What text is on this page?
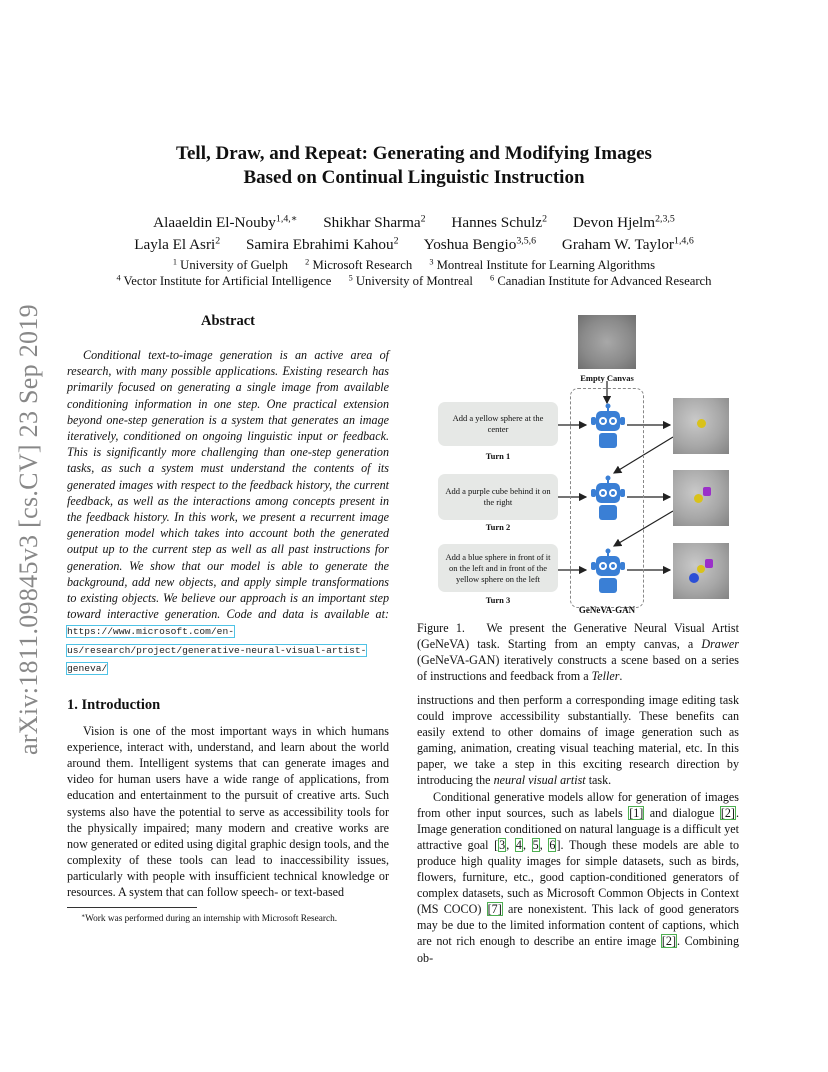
arXiv:1811.09845v3 [cs.CV] 23 Sep 2019
Tell, Draw, and Repeat: Generating and Modifying Images
Based on Continual Linguistic Instruction
Alaaeldin El-Nouby$^{1,4,∗}$ Shikhar Sharma$^2$ Hannes Schulz$^2$ Devon Hjelm$^{2,3,5}$
Layla El Asri$^2$ Samira Ebrahimi Kahou$^2$ Yoshua Bengio$^{3,5,6}$ Graham W. Taylor$^{1,4,6}$
$^1$ University of Guelph $^2$ Microsoft Research $^3$ Montreal Institute for Learning Algorithms
$^4$ Vector Institute for Artificial Intelligence $^5$ University of Montreal $^6$ Canadian Institute for Advanced Research
Abstract

Conditional text-to-image generation is an active area of research, with many possible applications. Existing research has primarily focused on generating a single image from available conditioning information in one step. One practical extension beyond one-step generation is a system that generates an image iteratively, conditioned on ongoing linguistic input or feedback. This is significantly more challenging than one-step generation tasks, as such a system must understand the contents of its generated images with respect to the feedback history, the current feedback, as well as the interactions among concepts present in the feedback history. In this work, we present a recurrent image generation model which takes into account both the generated output up to the current step as well as all past instructions for generation. We show that our model is able to generate the background, add new objects, and apply simple transformations to existing objects. We believe our approach is an important step toward interactive generation. Code and data is available at: https://www.microsoft.com/en-us/research/project/generative-neural-visual-artist-geneva/

1. Introduction

Vision is one of the most important ways in which humans experience, interact with, understand, and learn about the world around them. Intelligent systems that can generate images and video for human users have a wide range of applications, from education and entertainment to the pursuit of creative arts. Such systems also have the potential to serve as accessibility tools for the physically impaired; many modern and creative works are now generated or edited using digital graphic design tools, and the complexity of these tools can lead to inaccessibility issues, particularly with people with insufficient technical knowledge or resources. A system that can follow speech- or text-based

∗Work was performed during an internship with Microsoft Research.
Empty Canvas
Add a yellow sphere at the center
Turn 1
Add a purple cube behind it on the right
Turn 2
Add a blue sphere in front of it on the left and in front of the yellow sphere on the left
Turn 3
GeNeVA-GAN
Figure 1. We present the Generative Neural Visual Artist (GeNeVA) task. Starting from an empty canvas, a Drawer (GeNeVA-GAN) iteratively constructs a scene based on a series of instructions and feedback from a Teller.

instructions and then perform a corresponding image editing task could improve accessibility substantially. These benefits can easily extend to other domains of image generation such as gaming, animation, creating visual teaching material, etc. In this paper, we take a step in this exciting research direction by introducing the neural visual artist task.

Conditional generative models allow for generation of images from other input sources, such as labels [1] and dialogue [2]. Image generation conditioned on natural language is a difficult yet attractive goal [3, 4, 5, 6]. Though these models are able to produce high quality images for simple datasets, such as birds, flowers, furniture, etc., good caption-conditioned generators of complex datasets, such as Microsoft Common Objects in Context (MS COCO) [7] are nonexistent. This lack of good generators may be due to the limited information content of captions, which are not rich enough to describe an entire image [2]. Combining ob-
